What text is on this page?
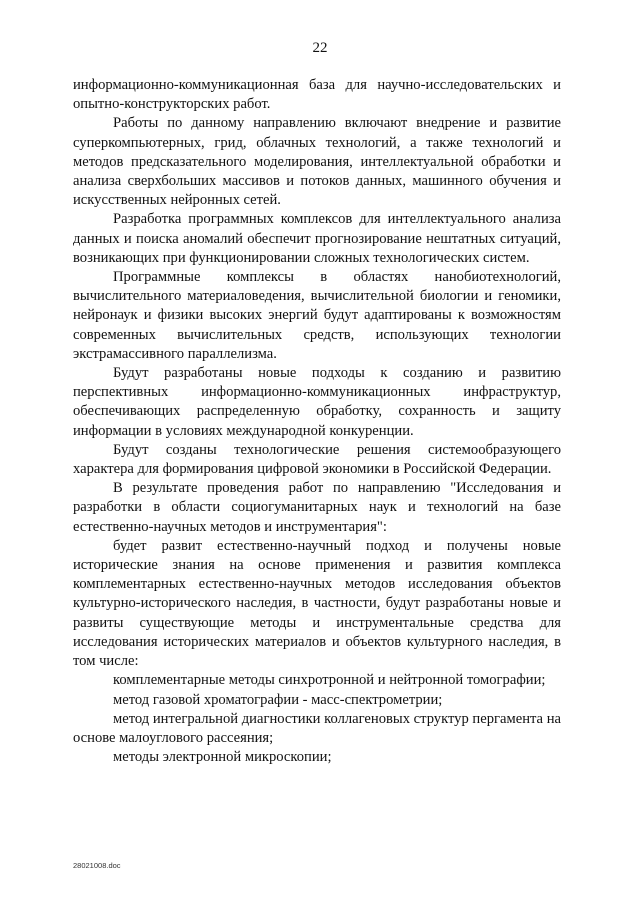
22

информационно-коммуникационная база для научно-исследовательских и опытно-конструкторских работ.

Работы по данному направлению включают внедрение и развитие суперкомпьютерных, грид, облачных технологий, а также технологий и методов предсказательного моделирования, интеллектуальной обработки и анализа сверхбольших массивов и потоков данных, машинного обучения и искусственных нейронных сетей.

Разработка программных комплексов для интеллектуального анализа данных и поиска аномалий обеспечит прогнозирование нештатных ситуаций, возникающих при функционировании сложных технологических систем.

Программные комплексы в областях нанобиотехнологий, вычислительного материаловедения, вычислительной биологии и геномики, нейронаук и физики высоких энергий будут адаптированы к возможностям современных вычислительных средств, использующих технологии экстрамассивного параллелизма.

Будут разработаны новые подходы к созданию и развитию перспективных информационно-коммуникационных инфраструктур, обеспечивающих распределенную обработку, сохранность и защиту информации в условиях международной конкуренции.

Будут созданы технологические решения системообразующего характера для формирования цифровой экономики в Российской Федерации.

В результате проведения работ по направлению "Исследования и разработки в области социогуманитарных наук и технологий на базе естественно-научных методов и инструментария":

будет развит естественно-научный подход и получены новые исторические знания на основе применения и развития комплекса комплементарных естественно-научных методов исследования объектов культурно-исторического наследия, в частности, будут разработаны новые и развиты существующие методы и инструментальные средства для исследования исторических материалов и объектов культурного наследия, в том числе:

комплементарные методы синхротронной и нейтронной томографии;

метод газовой хроматографии - масс-спектрометрии;

метод интегральной диагностики коллагеновых структур пергамента на основе малоуглового рассеяния;

методы электронной микроскопии;

28021008.doc
